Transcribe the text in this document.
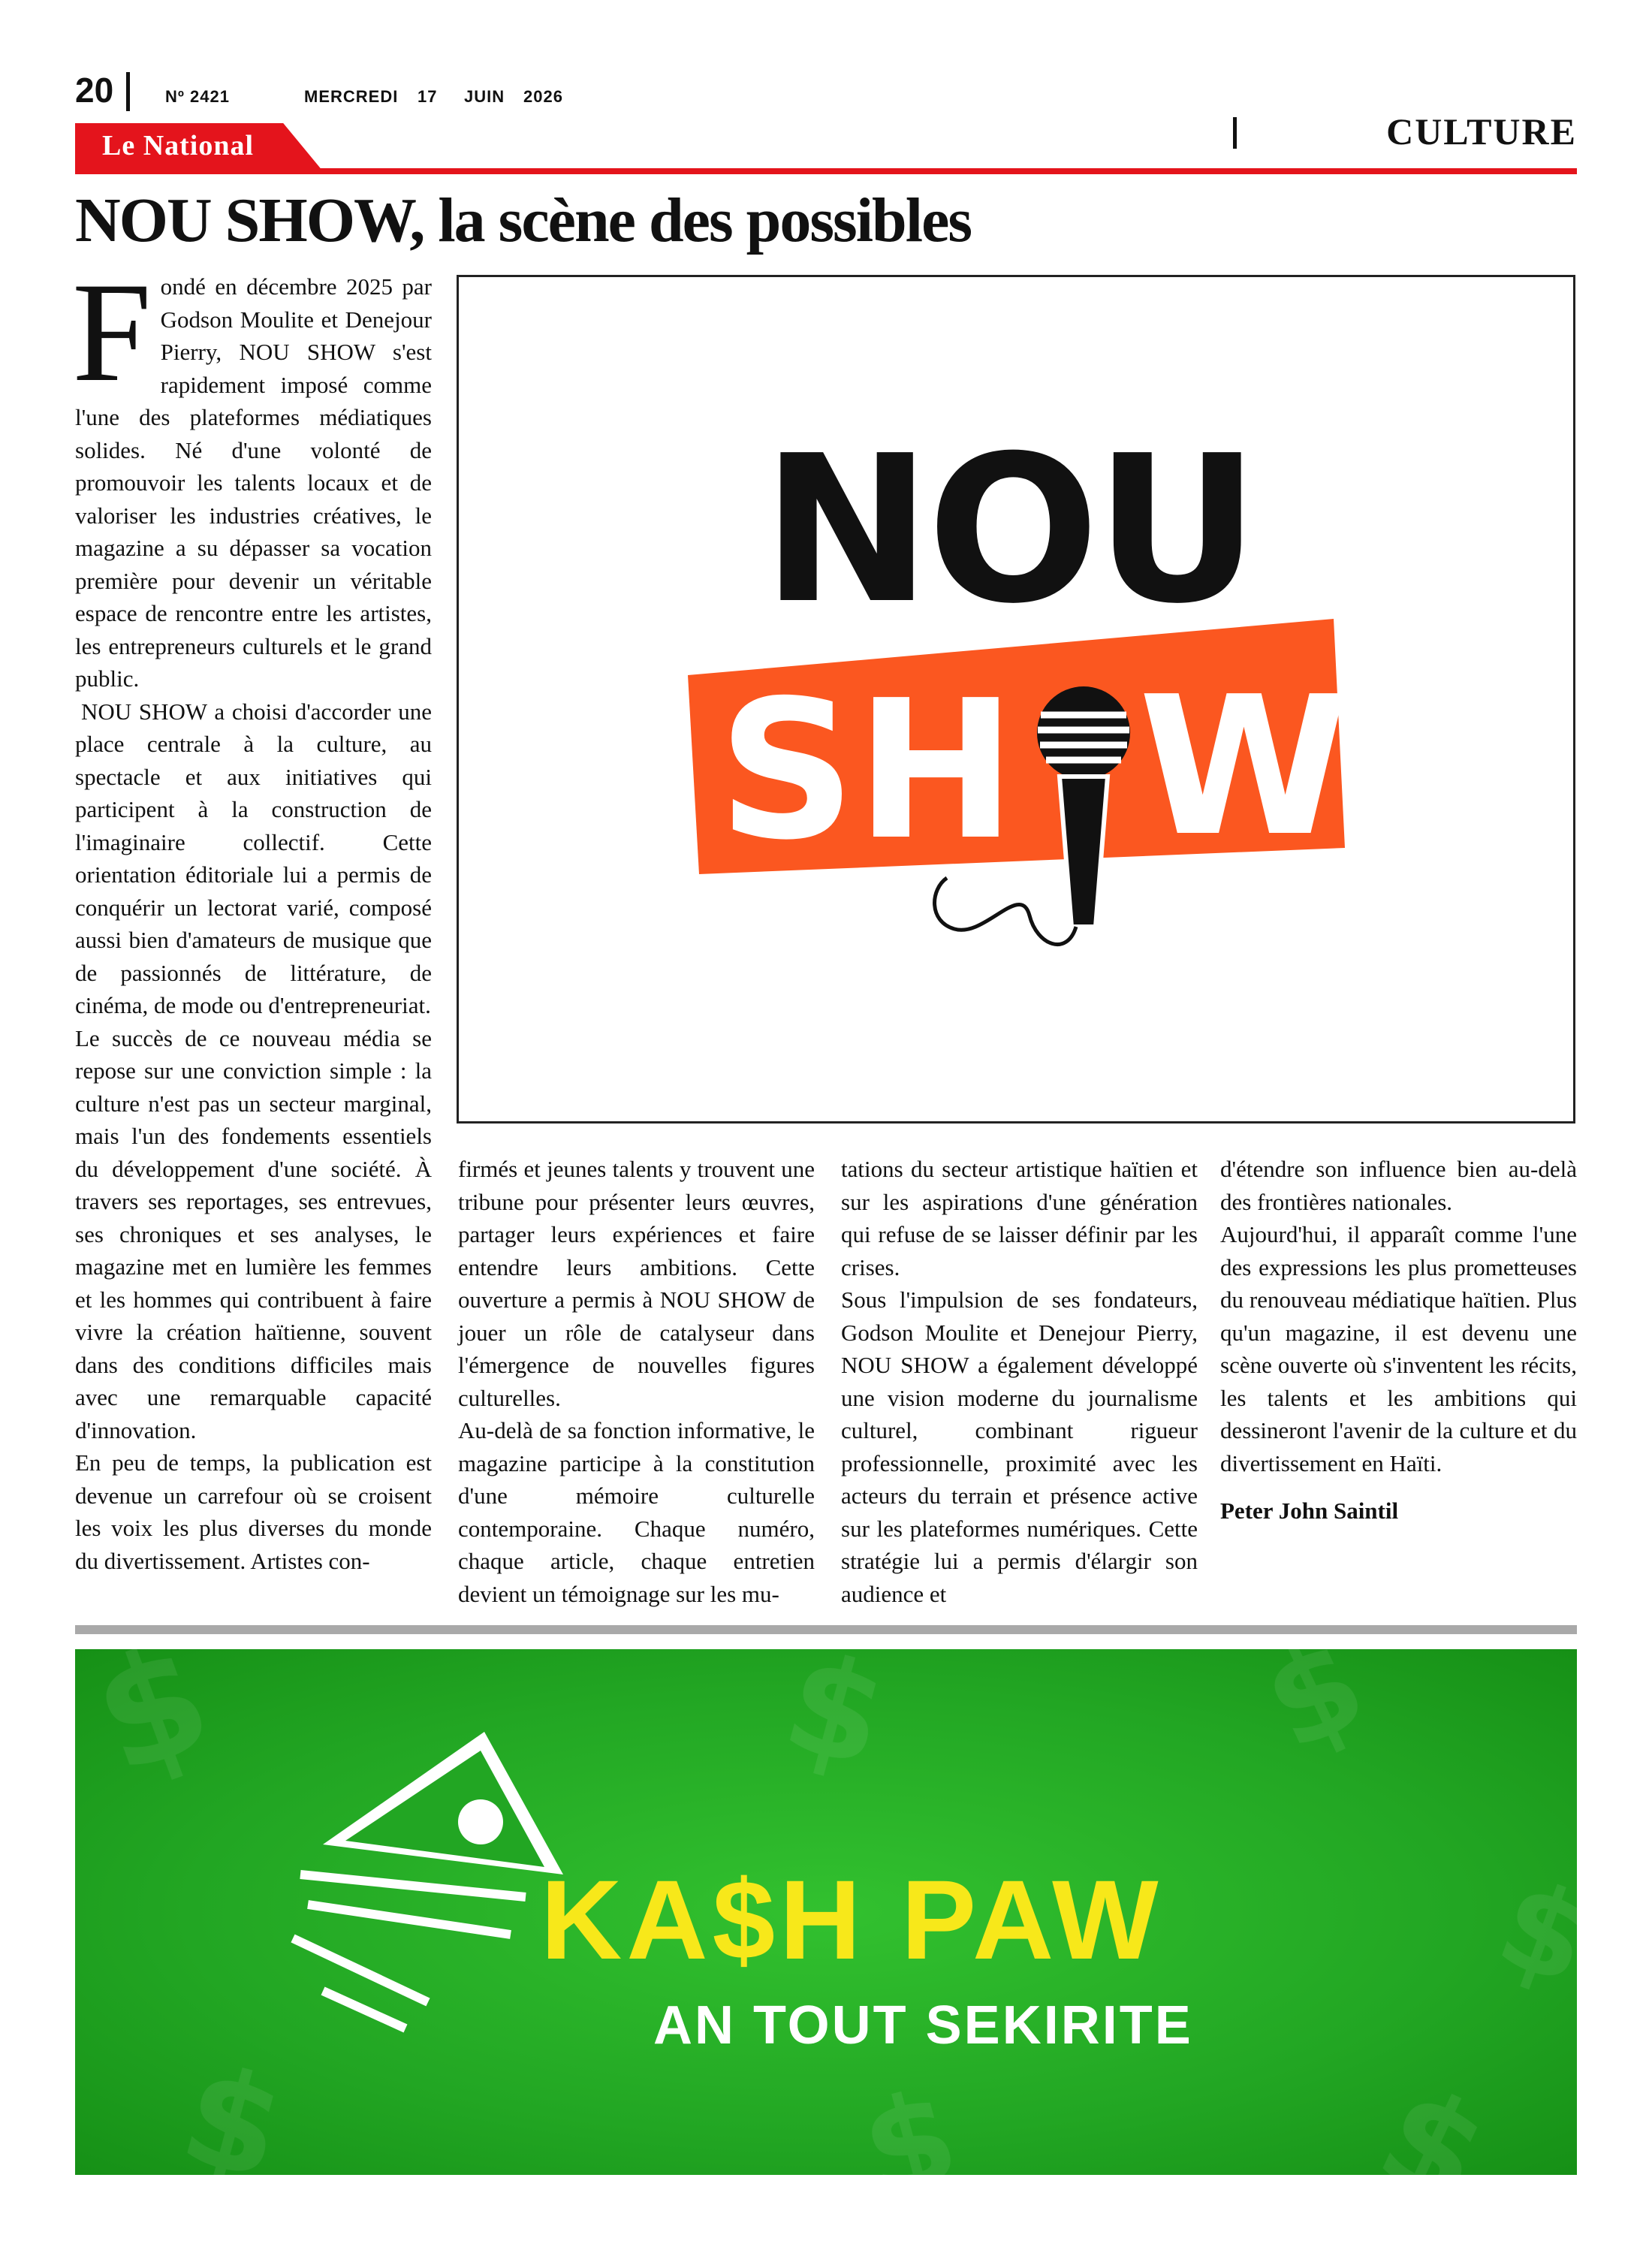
20	Nº 2421	MERCREDI 17 JUIN 2026
CULTURE
Le National
NOU SHOW, la scène des possibles

Fondé en décembre 2025 par Godson Moulite et Denejour Pierry, NOU SHOW s'est rapidement imposé comme l'une des plateformes médiatiques solides. Né d'une volonté de promouvoir les talents locaux et de valoriser les industries créatives, le magazine a su dépasser sa vocation première pour devenir un véritable espace de rencontre entre les artistes, les entrepreneurs culturels et le grand public.

NOU SHOW a choisi d'accorder une place centrale à la culture, au spectacle et aux initiatives qui participent à la construction de l'imaginaire collectif. Cette orientation éditoriale lui a permis de conquérir un lectorat varié, composé aussi bien d'amateurs de musique que de passionnés de littérature, de cinéma, de mode ou d'entrepreneuriat.

Le succès de ce nouveau média se repose sur une conviction simple : la culture n'est pas un secteur marginal, mais l'un des fondements essentiels du développement d'une société. À travers ses reportages, ses entrevues, ses chroniques et ses analyses, le magazine met en lumière les femmes et les hommes qui contribuent à faire vivre la création haïtienne, souvent dans des conditions difficiles mais avec une remarquable capacité d'innovation.

En peu de temps, la publication est devenue un carrefour où se croisent les voix les plus diverses du monde du divertissement. Artistes con-

NOU
SH W

firmés et jeunes talents y trouvent une tribune pour présenter leurs œuvres, partager leurs expériences et faire entendre leurs ambitions. Cette ouverture a permis à NOU SHOW de jouer un rôle de catalyseur dans l'émergence de nouvelles figures culturelles.

Au-delà de sa fonction informative, le magazine participe à la constitution d'une mémoire culturelle contemporaine. Chaque numéro, chaque article, chaque entretien devient un témoignage sur les mu-

tations du secteur artistique haïtien et sur les aspirations d'une génération qui refuse de se laisser définir par les crises.

Sous l'impulsion de ses fondateurs, Godson Moulite et Denejour Pierry, NOU SHOW a également développé une vision moderne du journalisme culturel, combinant rigueur professionnelle, proximité avec les acteurs du terrain et présence active sur les plateformes numériques. Cette stratégie lui a permis d'élargir son audience et

d'étendre son influence bien au-delà des frontières nationales.

Aujourd'hui, il apparaît comme l'une des expressions les plus prometteuses du renouveau médiatique haïtien. Plus qu'un magazine, il est devenu une scène ouverte où s'inventent les récits, les talents et les ambitions qui dessineront l'avenir de la culture et du divertissement en Haïti.

Peter John Saintil

$	$	$
$
$	$	$
KA$H PAW
AN TOUT SEKIRITE
